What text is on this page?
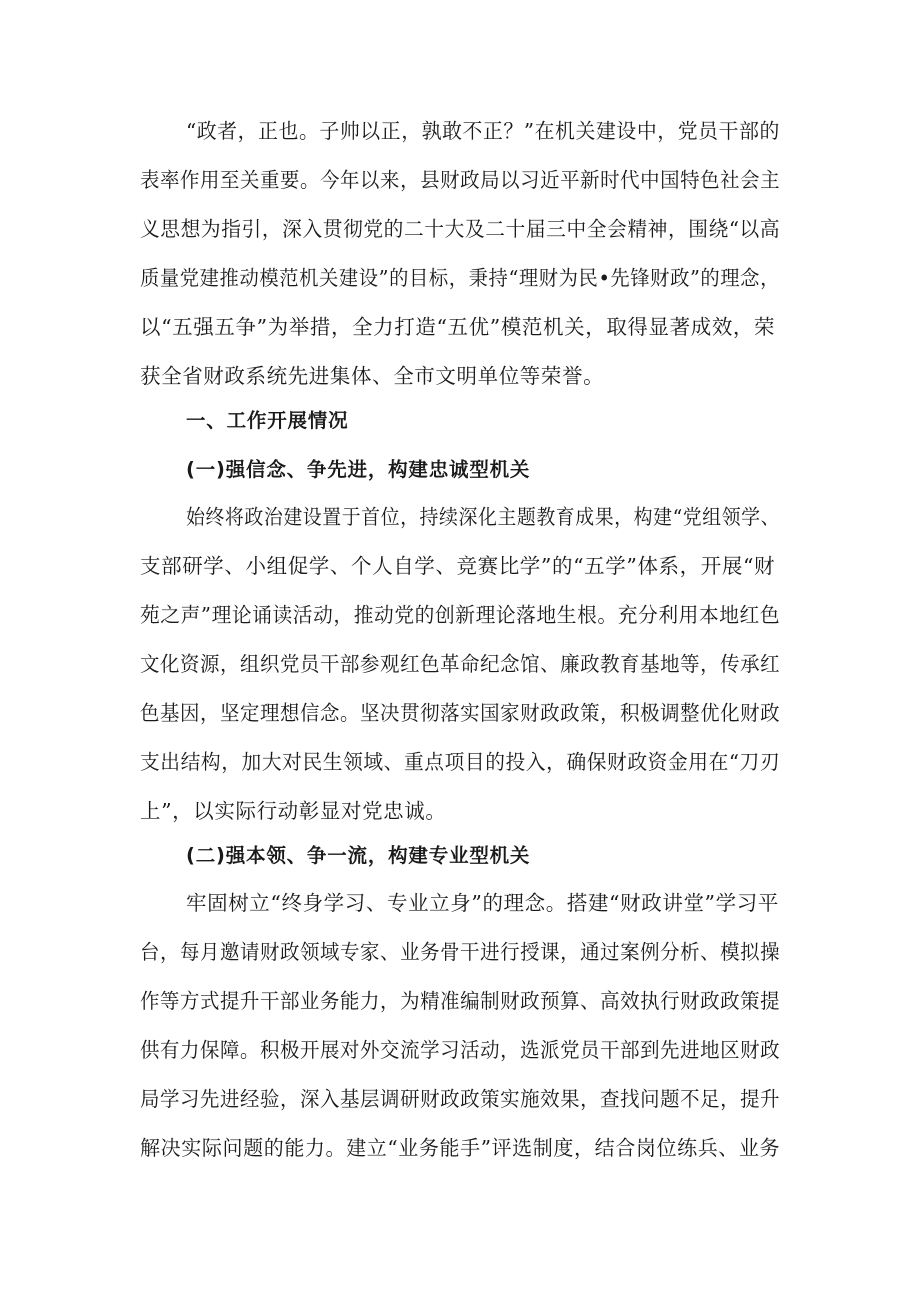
“政者，正也。子帅以正，孰敢不正？”在机关建设中，党员干部的
表率作用至关重要。今年以来，县财政局以习近平新时代中国特色社会主
义思想为指引，深入贯彻党的二十大及二十届三中全会精神，围绕“以高
质量党建推动模范机关建设”的目标，秉持“理财为民•先锋财政”的理念，
以“五强五争”为举措，全力打造“五优”模范机关，取得显著成效，荣
获全省财政系统先进集体、全市文明单位等荣誉。
一、工作开展情况
(一)强信念、争先进，构建忠诚型机关
始终将政治建设置于首位，持续深化主题教育成果，构建“党组领学、
支部研学、小组促学、个人自学、竞赛比学”的“五学”体系，开展“财
苑之声”理论诵读活动，推动党的创新理论落地生根。充分利用本地红色
文化资源，组织党员干部参观红色革命纪念馆、廉政教育基地等，传承红
色基因，坚定理想信念。坚决贯彻落实国家财政政策，积极调整优化财政
支出结构，加大对民生领域、重点项目的投入，确保财政资金用在“刀刃
上”，以实际行动彰显对党忠诚。
(二)强本领、争一流，构建专业型机关
牢固树立“终身学习、专业立身”的理念。搭建“财政讲堂”学习平
台，每月邀请财政领域专家、业务骨干进行授课，通过案例分析、模拟操
作等方式提升干部业务能力，为精准编制财政预算、高效执行财政政策提
供有力保障。积极开展对外交流学习活动，选派党员干部到先进地区财政
局学习先进经验，深入基层调研财政政策实施效果，查找问题不足，提升
解决实际问题的能力。建立“业务能手”评选制度，结合岗位练兵、业务
